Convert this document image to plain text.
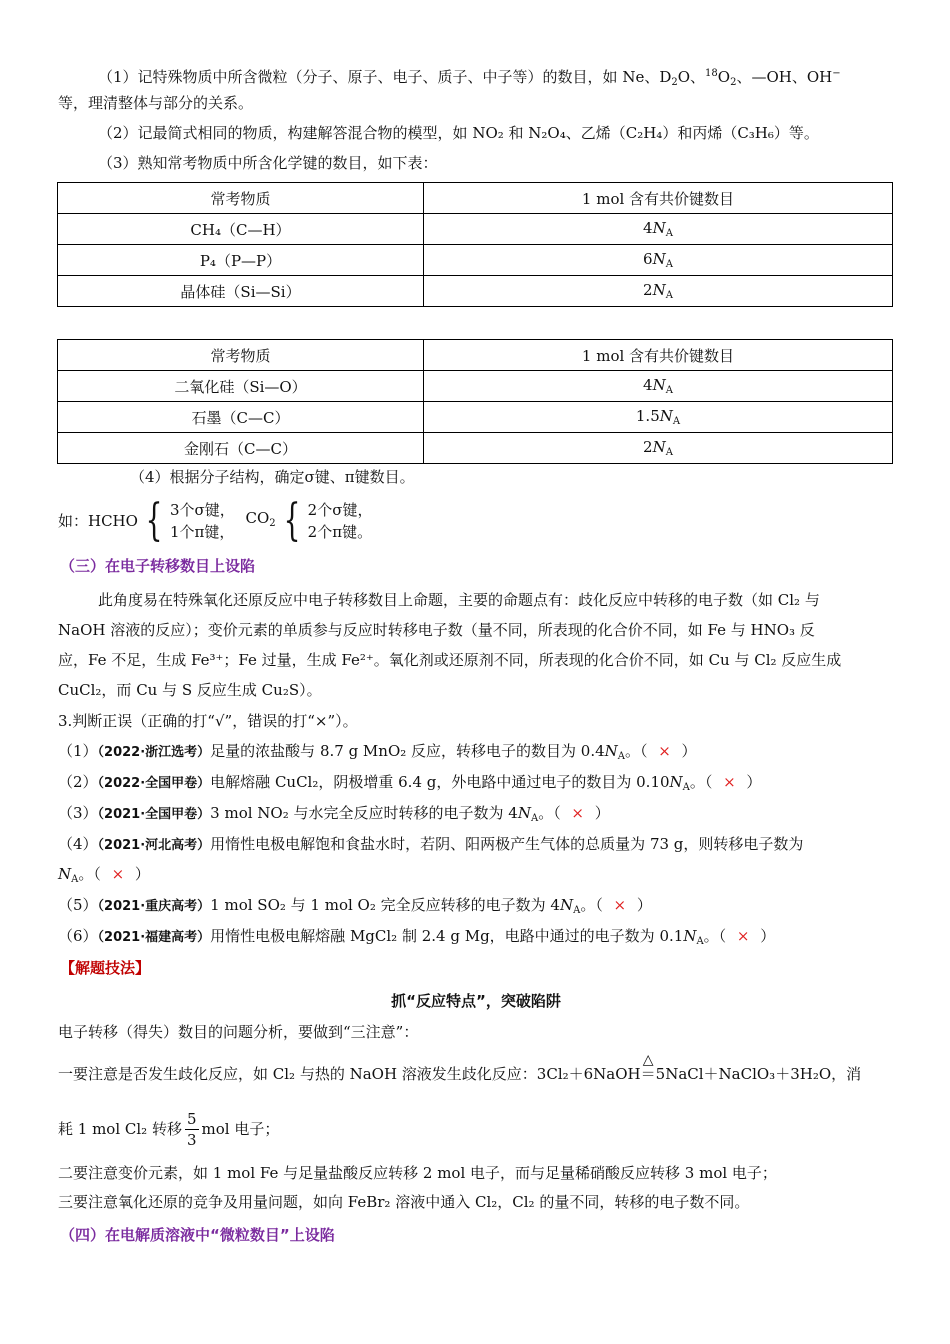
（1）记特殊物质中所含微粒（分子、原子、电子、质子、中子等）的数目，如 Ne、$D_2O$、$^{18}O_2$、—OH、OH−
等，理清整体与部分的关系。
（2）记最简式相同的物质，构建解答混合物的模型，如 NO₂ 和 N₂O₄、乙烯（C₂H₄）和丙烯（C₃H₆）等。
（3）熟知常考物质中所含化学键的数目，如下表：
常考物质	1 mol 含有共价键数目
CH₄（C—H）	$4N_A$
P₄（P—P）	$6N_A$
晶体硅（Si—Si）	$2N_A$
常考物质	1 mol 含有共价键数目
二氧化硅（Si—O）	$4N_A$
石墨（C—C）	$1.5N_A$
金刚石（C—C）	$2N_A$
（4）根据分子结构，确定σ键、π键数目。
如：HCHO { 3个σ键，
1个π键，
$CO_2$ { 2个σ键，
2个π键。
（三）在电子转移数目上设陷
此角度易在特殊氧化还原反应中电子转移数目上命题，主要的命题点有：歧化反应中转移的电子数（如 Cl₂ 与
NaOH 溶液的反应）；变价元素的单质参与反应时转移电子数（量不同，所表现的化合价不同，如 Fe 与 HNO₃ 反
应，Fe 不足，生成 Fe³⁺；Fe 过量，生成 Fe²⁺。氧化剂或还原剂不同，所表现的化合价不同，如 Cu 与 Cl₂ 反应生成
CuCl₂，而 Cu 与 S 反应生成 Cu₂S）。
3.判断正误（正确的打“√”，错误的打“×”）。
（1）（2022·浙江选考）足量的浓盐酸与 8.7 g MnO₂ 反应，转移电子的数目为 $0.4N_A$。（ × ）
（2）（2022·全国甲卷）电解熔融 CuCl₂，阴极增重 6.4 g，外电路中通过电子的数目为 $0.10N_A$。（ × ）
（3）（2021·全国甲卷）3 mol NO₂ 与水完全反应时转移的电子数为 $4N_A$。（ × ）
（4）（2021·河北高考）用惰性电极电解饱和食盐水时，若阴、阳两极产生气体的总质量为 73 g，则转移电子数为
$N_A$。（ × ）
（5）（2021·重庆高考）1 mol SO₂ 与 1 mol O₂ 完全反应转移的电子数为 $4N_A$。（ × ）
（6）（2021·福建高考）用惰性电极电解熔融 MgCl₂ 制 2.4 g Mg，电路中通过的电子数为 $0.1N_A$。（ × ）
【解题技法】
抓“反应特点”，突破陷阱
电子转移（得失）数目的问题分析，要做到“三注意”：
一要注意是否发生歧化反应，如 Cl₂ 与热的 NaOH 溶液发生歧化反应：3Cl₂＋6NaOH
△
＝5NaCl＋NaClO₃＋3H₂O，消
耗 1 mol Cl₂ 转移 $\frac{5}{3}$ mol 电子；
二要注意变价元素，如 1 mol Fe 与足量盐酸反应转移 2 mol 电子，而与足量稀硝酸反应转移 3 mol 电子；
三要注意氧化还原的竞争及用量问题，如向 FeBr₂ 溶液中通入 Cl₂，Cl₂ 的量不同，转移的电子数不同。
（四）在电解质溶液中“微粒数目”上设陷
